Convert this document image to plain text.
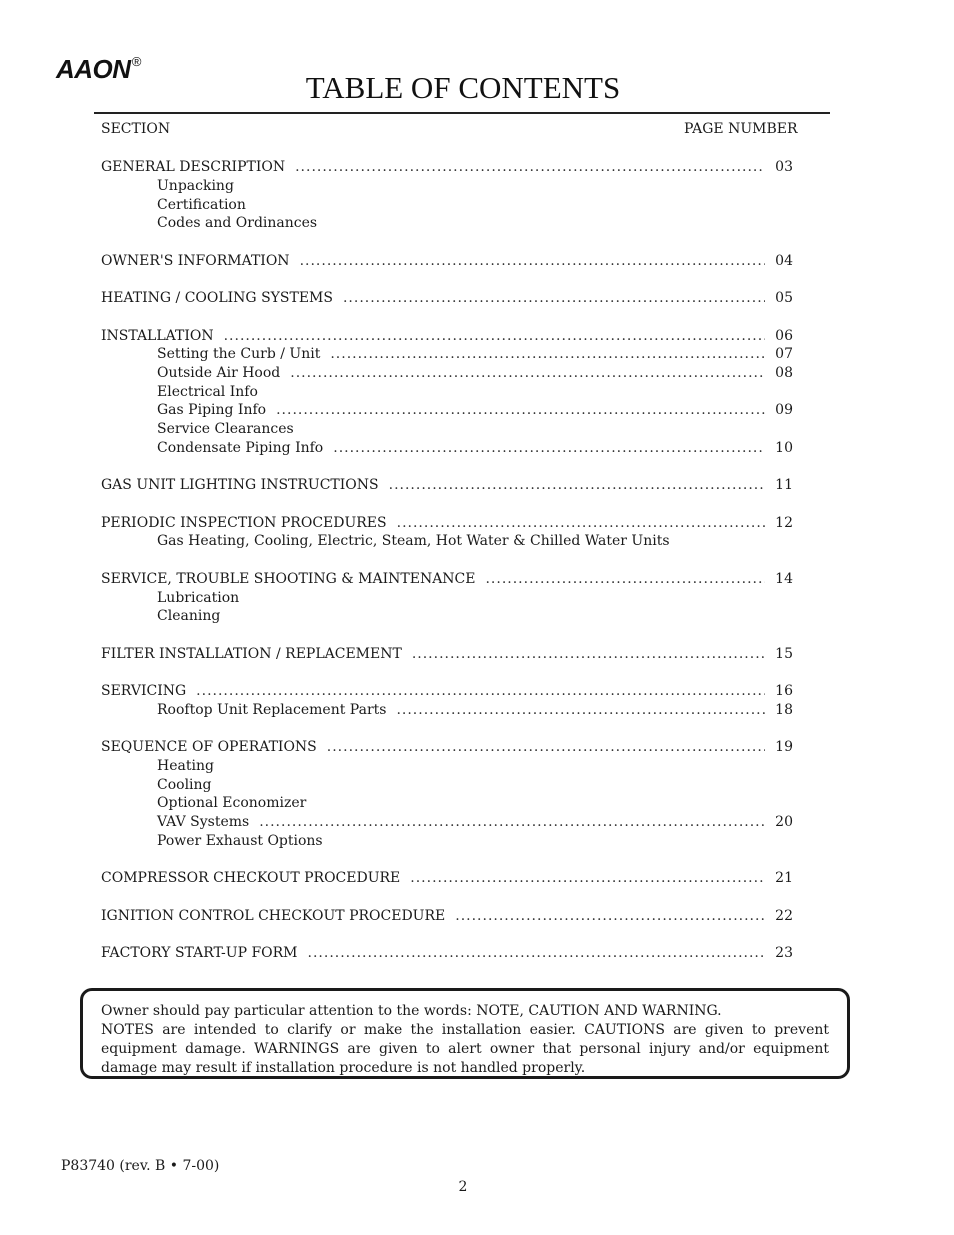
AAON®
TABLE OF CONTENTS
SECTION	PAGE NUMBER
GENERAL DESCRIPTION .....	03
Unpacking
Certification
Codes and Ordinances
OWNER'S INFORMATION .....	04
HEATING / COOLING SYSTEMS .....	05
INSTALLATION .....	06
Setting the Curb / Unit .....	07
Outside Air Hood .....	08
Electrical Info
Gas Piping Info .....	09
Service Clearances
Condensate Piping Info .....	10
GAS UNIT LIGHTING INSTRUCTIONS .....	11
PERIODIC INSPECTION PROCEDURES .....	12
Gas Heating, Cooling, Electric, Steam, Hot Water & Chilled Water Units
SERVICE, TROUBLE SHOOTING & MAINTENANCE .....	14
Lubrication
Cleaning
FILTER INSTALLATION / REPLACEMENT .....	15
SERVICING .....	16
Rooftop Unit Replacement Parts .....	18
SEQUENCE OF OPERATIONS .....	19
Heating
Cooling
Optional Economizer
VAV Systems .....	20
Power Exhaust Options
COMPRESSOR CHECKOUT PROCEDURE .....	21
IGNITION CONTROL CHECKOUT PROCEDURE .....	22
FACTORY START-UP FORM .....	23

Owner should pay particular attention to the words: NOTE, CAUTION AND WARNING.

NOTES are intended to clarify or make the installation easier. CAUTIONS are given to prevent equipment damage. WARNINGS are given to alert owner that personal injury and/or equipment damage may result if installation procedure is not handled properly.

P83740 (rev. B • 7-00)
2
